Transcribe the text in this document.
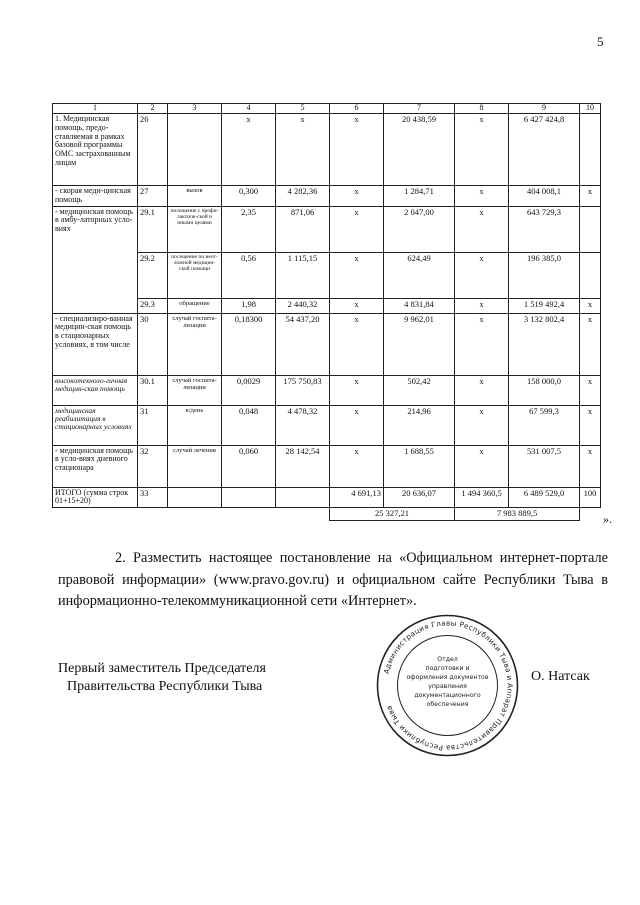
5
1	2	3	4	5	6	7	8	9	10
1. Медицинская помощь, предо-ставляемая в рамках базовой программы ОМС застрахованным лицам	26		х	х	х	20 438,59	х	6 427 424,8	
- скорая меди-цинская помощь	27	вызов	0,300	4 282,36	х	1 284,71	х	404 008,1	х
- медицинская помощь в амбу-латорных усло-виях	29.1	посещение с профи-лактиче-ской и иными целями	2,35	871,06	х	2 047,00	х	643 729,3	
	29.2	посещение по неот-ложной медицин-ской помощи	0,56	1 115,15	х	624,49	х	196 385,0	
	29.3	обращение	1,98	2 440,32	х	4 831,84	х	1 519 492,4	х
- специализиро-ванная медицин-ская помощь в стационарных условиях, в том числе	30	случай госпита-лизации	0,18300	54 437,20	х	9 962,01	х	3 132 802,4	х
высокотехноло-гичная медицин-ская помощь	30.1	случай госпита-лизации	0,0029	175 750,83	х	502,42	х	158 000,0	х
медицинская реабилитация в стационарных условиях	31	к/день	0,048	4 478,32	х	214,96	х	67 599,3	х
- медицинская помощь в усло-виях дневного стационара	32	случай лечения	0,060	28 142,54	х	1 688,55	х	531 007,5	х
ИТОГО (сумма строк 01+15+20)	33				4 691,13	20 636,07	1 494 360,5	6 489 529,0	100
					25 327,21		7 983 889,5			».

2. Разместить настоящее постановление на «Официальном интернет-портале правовой информации» (www.pravo.gov.ru) и официальном сайте Республики Тыва в информационно-телекоммуникационной сети «Интернет».

Первый заместитель Председателя
Правительства Республики Тыва
Администрация Главы Республики Тыва и Аппарат Правительства Республики Тыва
Отдел
подготовки и
оформления документов
управления
документационного
обеспечения
О. Натсак
